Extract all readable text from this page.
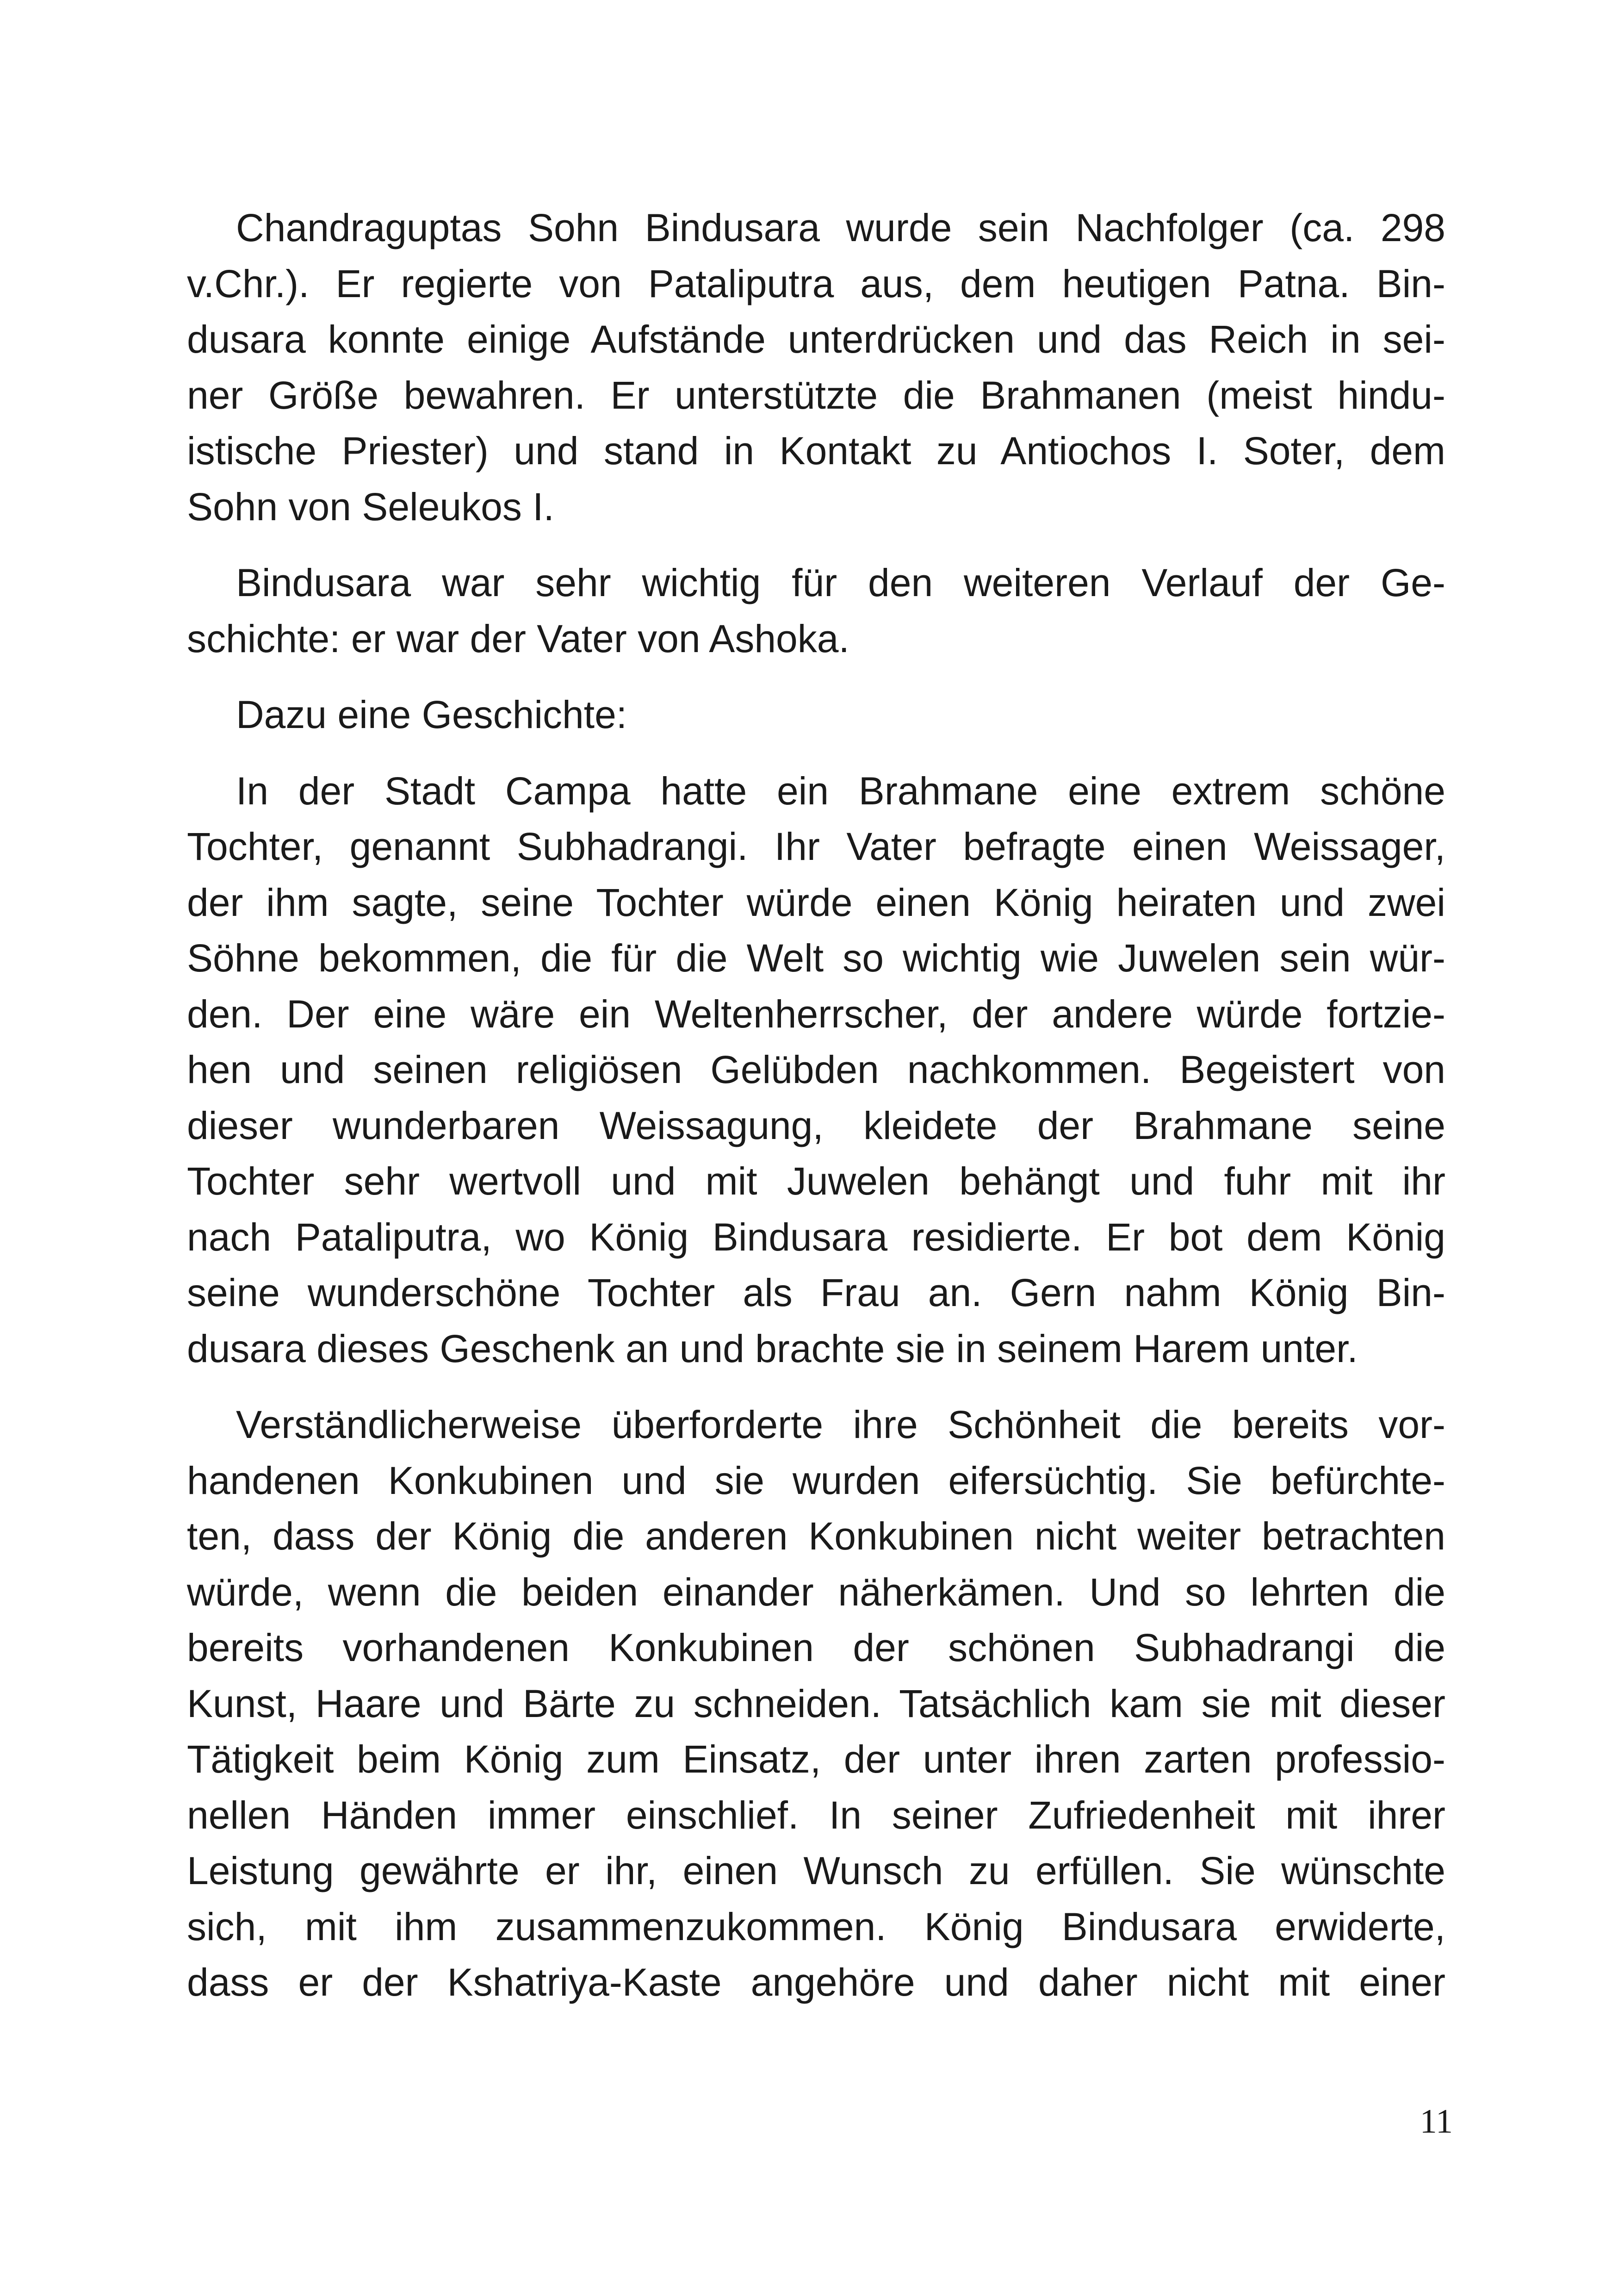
Chandraguptas Sohn Bindusara wurde sein Nachfolger (ca. 298
v.Chr.). Er regierte von Pataliputra aus, dem heutigen Patna. Bin-
dusara konnte einige Aufstände unterdrücken und das Reich in sei-
ner Größe bewahren. Er unterstützte die Brahmanen (meist hindu-
istische Priester) und stand in Kontakt zu Antiochos I. Soter, dem
Sohn von Seleukos I.

Bindusara war sehr wichtig für den weiteren Verlauf der Ge-
schichte: er war der Vater von Ashoka.

Dazu eine Geschichte:

In der Stadt Campa hatte ein Brahmane eine extrem schöne
Tochter, genannt Subhadrangi. Ihr Vater befragte einen Weissager,
der ihm sagte, seine Tochter würde einen König heiraten und zwei
Söhne bekommen, die für die Welt so wichtig wie Juwelen sein wür-
den. Der eine wäre ein Weltenherrscher, der andere würde fortzie-
hen und seinen religiösen Gelübden nachkommen. Begeistert von
dieser wunderbaren Weissagung, kleidete der Brahmane seine
Tochter sehr wertvoll und mit Juwelen behängt und fuhr mit ihr
nach Pataliputra, wo König Bindusara residierte. Er bot dem König
seine wunderschöne Tochter als Frau an. Gern nahm König Bin-
dusara dieses Geschenk an und brachte sie in seinem Harem unter.

Verständlicherweise überforderte ihre Schönheit die bereits vor-
handenen Konkubinen und sie wurden eifersüchtig. Sie befürchte-
ten, dass der König die anderen Konkubinen nicht weiter betrachten
würde, wenn die beiden einander näherkämen. Und so lehrten die
bereits vorhandenen Konkubinen der schönen Subhadrangi die
Kunst, Haare und Bärte zu schneiden. Tatsächlich kam sie mit dieser
Tätigkeit beim König zum Einsatz, der unter ihren zarten professio-
nellen Händen immer einschlief. In seiner Zufriedenheit mit ihrer
Leistung gewährte er ihr, einen Wunsch zu erfüllen. Sie wünschte
sich, mit ihm zusammenzukommen. König Bindusara erwiderte,
dass er der Kshatriya-Kaste angehöre und daher nicht mit einer

11
